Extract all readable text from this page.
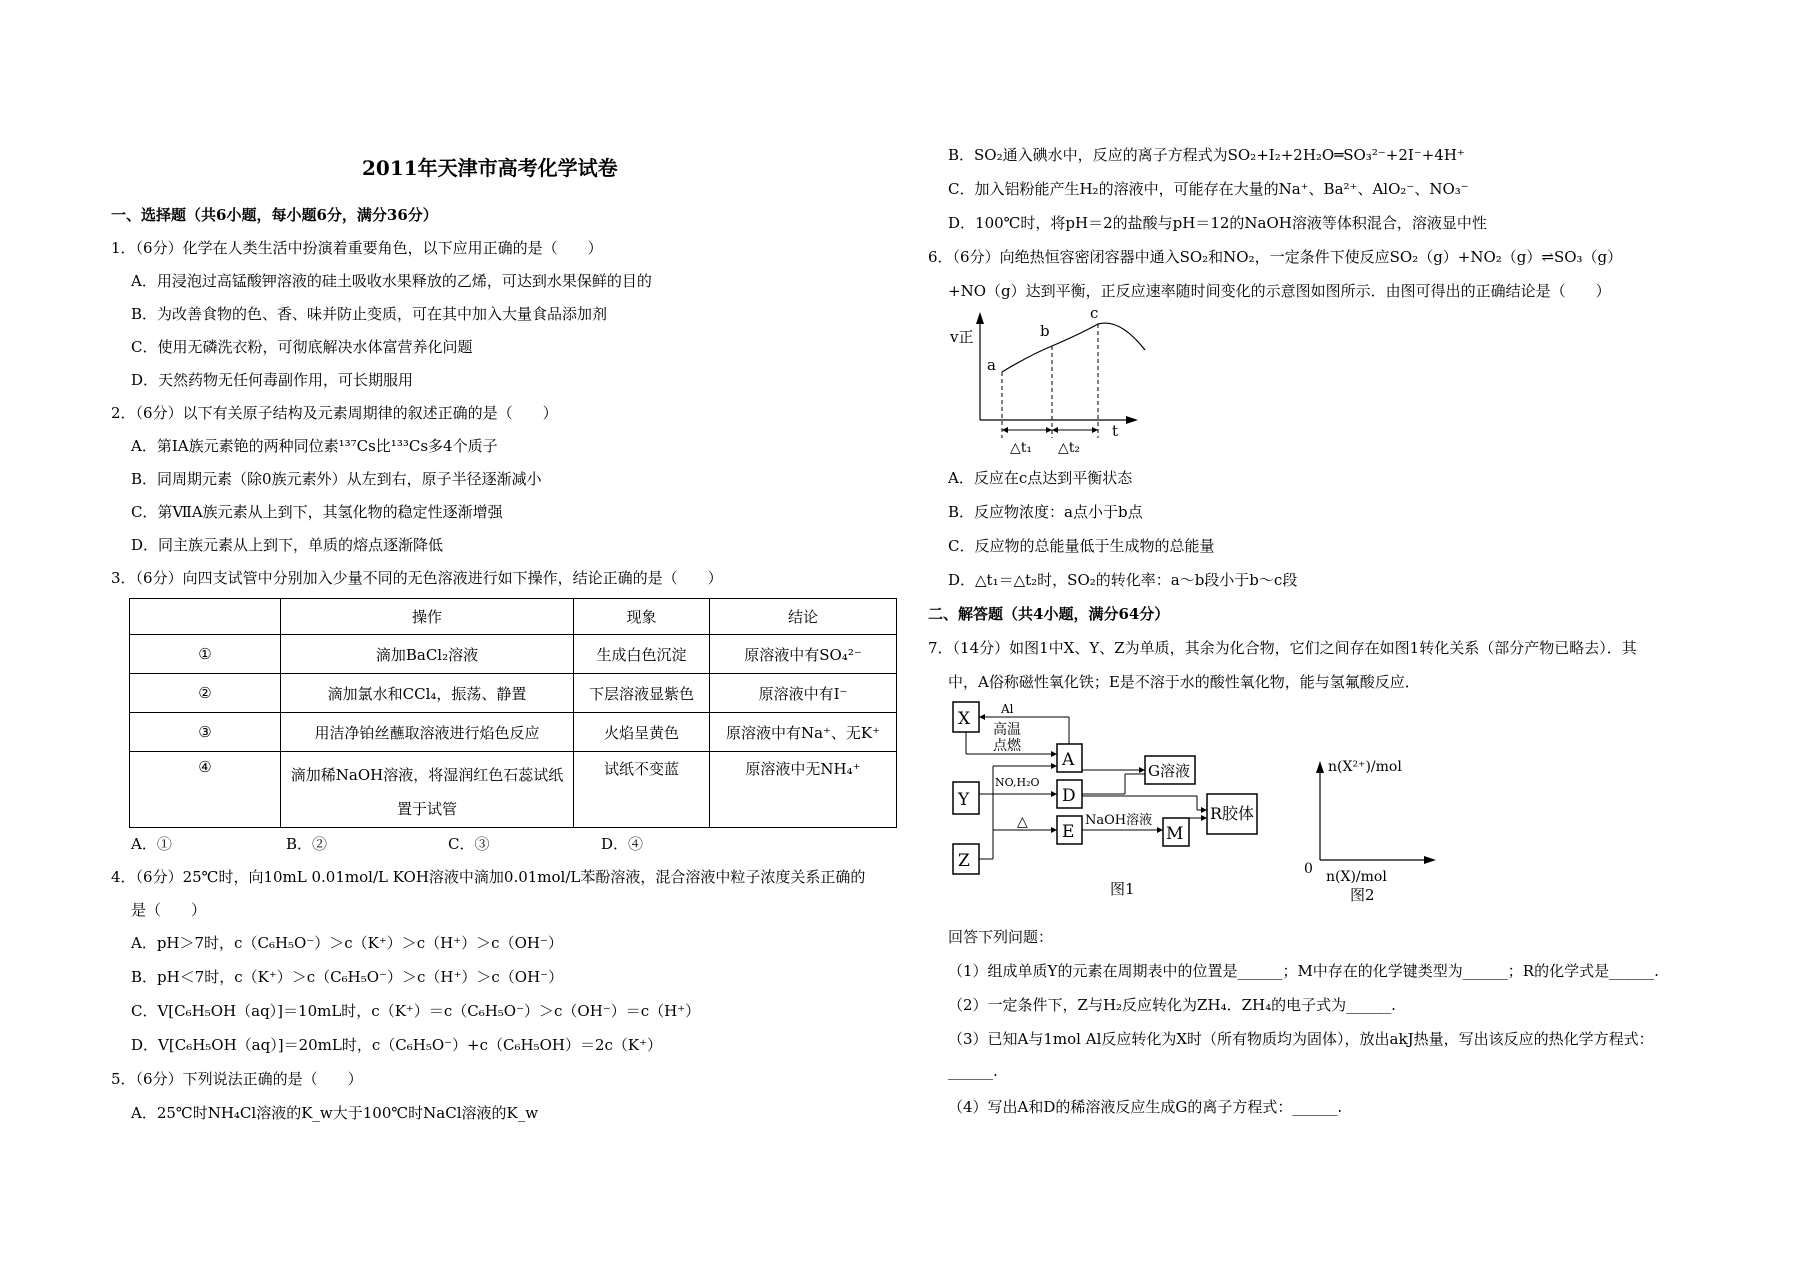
2011年天津市高考化学试卷
一、选择题（共6小题，每小题6分，满分36分）
1．（6分）化学在人类生活中扮演着重要角色，以下应用正确的是（　　）
A．用浸泡过高锰酸钾溶液的硅土吸收水果释放的乙烯，可达到水果保鲜的目的
B．为改善食物的色、香、味并防止变质，可在其中加入大量食品添加剂
C．使用无磷洗衣粉，可彻底解决水体富营养化问题
D．天然药物无任何毒副作用，可长期服用
2．（6分）以下有关原子结构及元素周期律的叙述正确的是（　　）
A．第IA族元素铯的两种同位素¹³⁷Cs比¹³³Cs多4个质子
B．同周期元素（除0族元素外）从左到右，原子半径逐渐减小
C．第ⅦA族元素从上到下，其氢化物的稳定性逐渐增强
D．同主族元素从上到下，单质的熔点逐渐降低
3．（6分）向四支试管中分别加入少量不同的无色溶液进行如下操作，结论正确的是（　　）
	操作	现象	结论
①	滴加BaCl₂溶液	生成白色沉淀	原溶液中有SO₄²⁻
②	滴加氯水和CCl₄，振荡、静置	下层溶液显紫色	原溶液中有I⁻
③	用洁净铂丝蘸取溶液进行焰色反应	火焰呈黄色	原溶液中有Na⁺、无K⁺
④	滴加稀NaOH溶液，将湿润红色石蕊试纸置于试管	试纸不变蓝	原溶液中无NH₄⁺
A．①	B．②	C．③	D．④
4．（6分）25℃时，向10mL 0.01mol/L KOH溶液中滴加0.01mol/L苯酚溶液，混合溶液中粒子浓度关系正确的
是（　　）
A．pH＞7时，c（C₆H₅O⁻）＞c（K⁺）＞c（H⁺）＞c（OH⁻）
B．pH＜7时，c（K⁺）＞c（C₆H₅O⁻）＞c（H⁺）＞c（OH⁻）
C．V[C₆H₅OH（aq）]＝10mL时，c（K⁺）＝c（C₆H₅O⁻）＞c（OH⁻）＝c（H⁺）
D．V[C₆H₅OH（aq）]＝20mL时，c（C₆H₅O⁻）+c（C₆H₅OH）＝2c（K⁺）
5．（6分）下列说法正确的是（　　）
A．25℃时NH₄Cl溶液的K_w大于100℃时NaCl溶液的K_w
B．SO₂通入碘水中，反应的离子方程式为SO₂+I₂+2H₂O═SO₃²⁻+2I⁻+4H⁺
C．加入铝粉能产生H₂的溶液中，可能存在大量的Na⁺、Ba²⁺、AlO₂⁻、NO₃⁻
D．100℃时，将pH＝2的盐酸与pH＝12的NaOH溶液等体积混合，溶液显中性
6．（6分）向绝热恒容密闭容器中通入SO₂和NO₂，一定条件下使反应SO₂（g）+NO₂（g）⇌SO₃（g）
+NO（g）达到平衡，正反应速率随时间变化的示意图如图所示．由图可得出的正确结论是（　　）
v正
t
a
b
c
△t₁ △t₂
A．反应在c点达到平衡状态
B．反应物浓度：a点小于b点
C．反应物的总能量低于生成物的总能量
D．△t₁＝△t₂时，SO₂的转化率：a～b段小于b～c段
二、解答题（共4小题，满分64分）
7．（14分）如图1中X、Y、Z为单质，其余为化合物，它们之间存在如图1转化关系（部分产物已略去）．其
中，A俗称磁性氧化铁；E是不溶于水的酸性氧化物，能与氢氟酸反应．
X
Y
Z
A
D
E
G溶液
M
R胶体
Al
高温
点燃
NO,H₂O
△	NaOH溶液
图1
n(X²⁺)/mol
0 n(X)/mol
图2
回答下列问题：
（1）组成单质Y的元素在周期表中的位置是______；M中存在的化学键类型为______；R的化学式是______.
（2）一定条件下，Z与H₂反应转化为ZH₄．ZH₄的电子式为______.
（3）已知A与1mol Al反应转化为X时（所有物质均为固体），放出akJ热量，写出该反应的热化学方程式：
______.
（4）写出A和D的稀溶液反应生成G的离子方程式：______.
